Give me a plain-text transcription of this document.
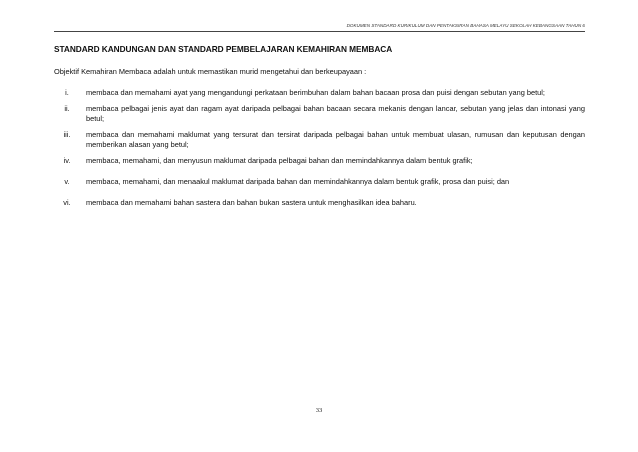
DOKUMEN STANDARD KURIKULUM DAN PENTAKSIRAN BAHASA MELAYU SEKOLAH KEBANGSAAN TAHUN 6
STANDARD KANDUNGAN DAN STANDARD PEMBELAJARAN KEMAHIRAN MEMBACA
Objektif Kemahiran Membaca adalah untuk memastikan murid mengetahui dan berkeupayaan :
i.	membaca dan memahami ayat yang mengandungi perkataan berimbuhan dalam bahan bacaan prosa dan puisi dengan sebutan yang betul;
ii.	membaca pelbagai jenis ayat dan ragam ayat daripada pelbagai bahan bacaan secara mekanis dengan lancar, sebutan yang jelas dan intonasi yang betul;
iii.	membaca dan memahami maklumat yang tersurat dan tersirat daripada pelbagai bahan untuk membuat ulasan, rumusan dan keputusan dengan memberikan alasan yang betul;
iv.	membaca, memahami, dan menyusun maklumat daripada pelbagai bahan dan memindahkannya dalam bentuk grafik;
v.	membaca, memahami, dan menaakul maklumat daripada bahan dan memindahkannya dalam bentuk grafik, prosa dan puisi; dan
vi.	membaca dan memahami bahan sastera dan bahan bukan sastera untuk menghasilkan idea baharu.
33
